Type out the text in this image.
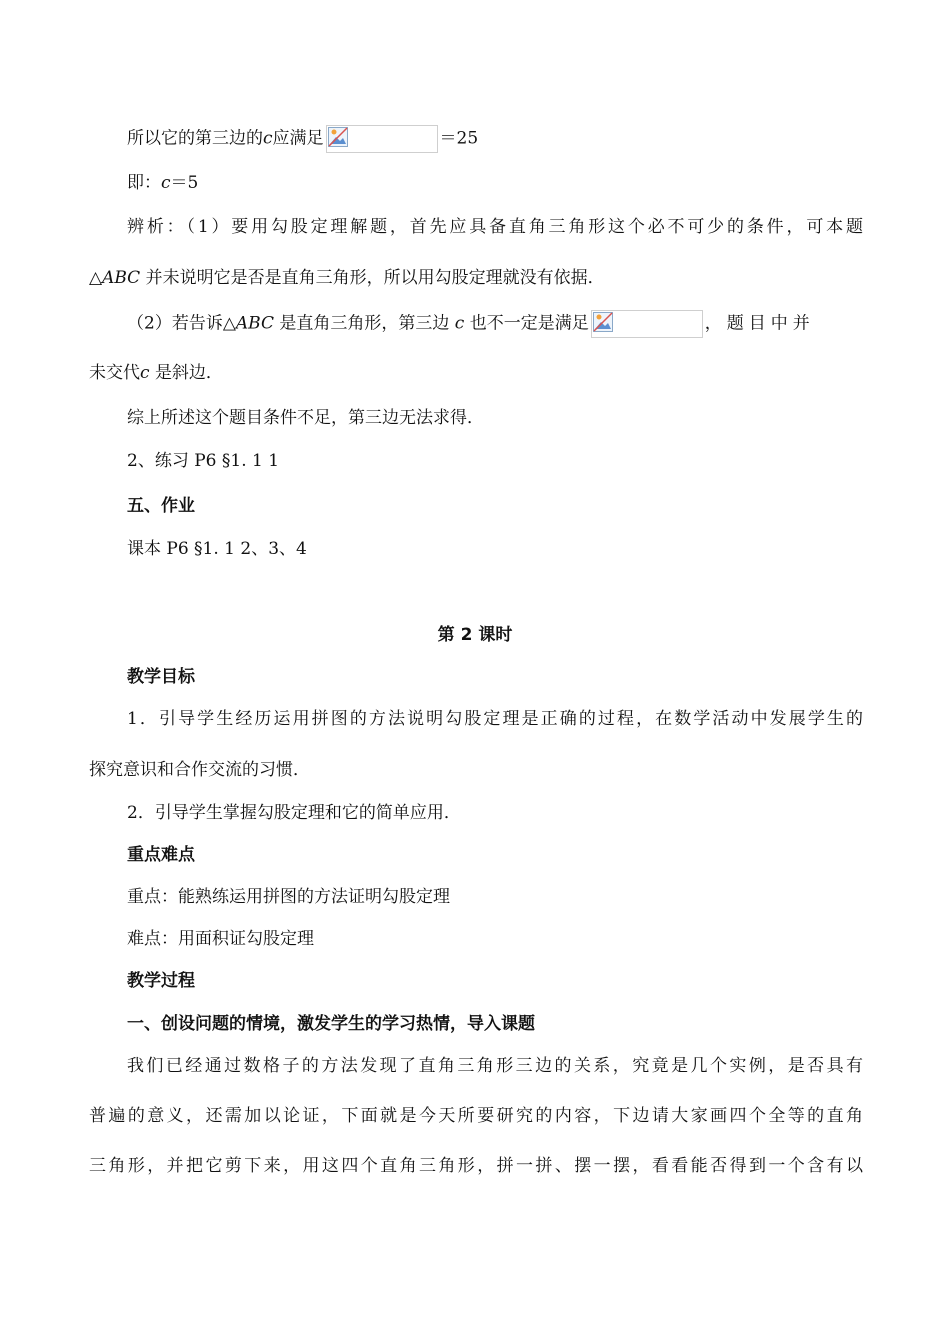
所以它的第三边的c应满足	＝25
即：c＝5
辨析：（1）要用勾股定理解题，首先应具备直角三角形这个必不可少的条件，可本题
△ABC 并未说明它是否是直角三角形，所以用勾股定理就没有依据．
（2）若告诉△ABC 是直角三角形，第三边 c 也不一定是满足	，题目中并
未交代c 是斜边．
综上所述这个题目条件不足，第三边无法求得．
2、练习 P6 §1. 1 1
五、作业
课本 P6 §1. 1 2、3、4
第 2 课时
教学目标
1．引导学生经历运用拼图的方法说明勾股定理是正确的过程，在数学活动中发展学生的
探究意识和合作交流的习惯．
2．引导学生掌握勾股定理和它的简单应用．
重点难点
重点：能熟练运用拼图的方法证明勾股定理
难点：用面积证勾股定理
教学过程
一、创设问题的情境，激发学生的学习热情，导入课题
我们已经通过数格子的方法发现了直角三角形三边的关系，究竟是几个实例，是否具有
普遍的意义，还需加以论证，下面就是今天所要研究的内容，下边请大家画四个全等的直角
三角形，并把它剪下来，用这四个直角三角形，拼一拼、摆一摆，看看能否得到一个含有以
